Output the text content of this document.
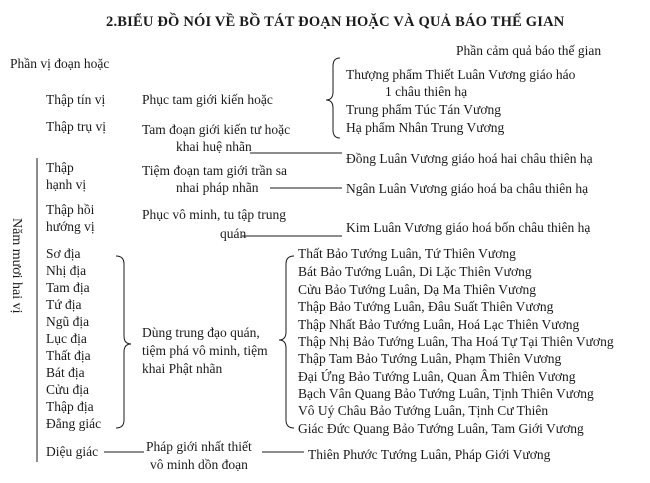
2.BIỂU ĐỒ NÓI VỀ BỒ TÁT ĐOẠN HOẶC VÀ QUẢ BÁO THẾ GIAN
Phần vị đoạn hoặc
Phần cảm quả báo thế gian
Năm mươi hai vị
Thập tín vị
Thập trụ vị
Thập
hạnh vị
Thập hồi
hướng vị
Sơ địa
Nhị địa
Tam địa
Tứ địa
Ngũ địa
Lục địa
Thất địa
Bát địa
Cửu địa
Thập địa
Đẳng giác
Diệu giác
Phục tam giới kiến hoặc
Tam đoạn giới kiến tư hoặc
khai huệ nhãn
Tiệm đoạn tam giới trần sa
nhai pháp nhãn
Phục vô minh, tu tập trung
quán
Dùng trung đạo quán,
tiệm phá vô minh, tiệm
khai Phật nhãn
Pháp giới nhất thiết
vô minh dồn đoạn
Thượng phẩm Thiết Luân Vương giáo háo
1 châu thiên hạ
Trung phẩm Túc Tán Vương
Hạ phẩm Nhân Trung Vương
Đồng Luân Vương giáo hoá hai châu thiên hạ
Ngân Luân Vương giáo hoá ba châu thiên hạ
Kim Luân Vương giáo hoá bốn châu thiên hạ
Thất Bảo Tướng Luân, Tứ Thiên Vương
Bát Bảo Tướng Luân, Di Lặc Thiên Vương
Cửu Bảo Tướng Luân, Dạ Ma Thiên Vương
Thập Bảo Tướng Luân, Đâu Suất Thiên Vương
Thập Nhất Bảo Tướng Luân, Hoá Lạc Thiên Vương
Thập Nhị Bảo Tướng Luân, Tha Hoá Tự Tại Thiên Vương
Thập Tam Bảo Tướng Luân, Phạm Thiên Vương
Đại Ứng Bảo Tướng Luân, Quan Âm Thiên Vương
Bạch Vân Quang Bảo Tướng Luân, Tịnh Thiên Vương
Vô Uý Châu Bảo Tướng Luân, Tịnh Cư Thiên
Giác Đức Quang Bảo Tướng Luân, Tam Giới Vương
Thiên Phước Tướng Luân, Pháp Giới Vương
